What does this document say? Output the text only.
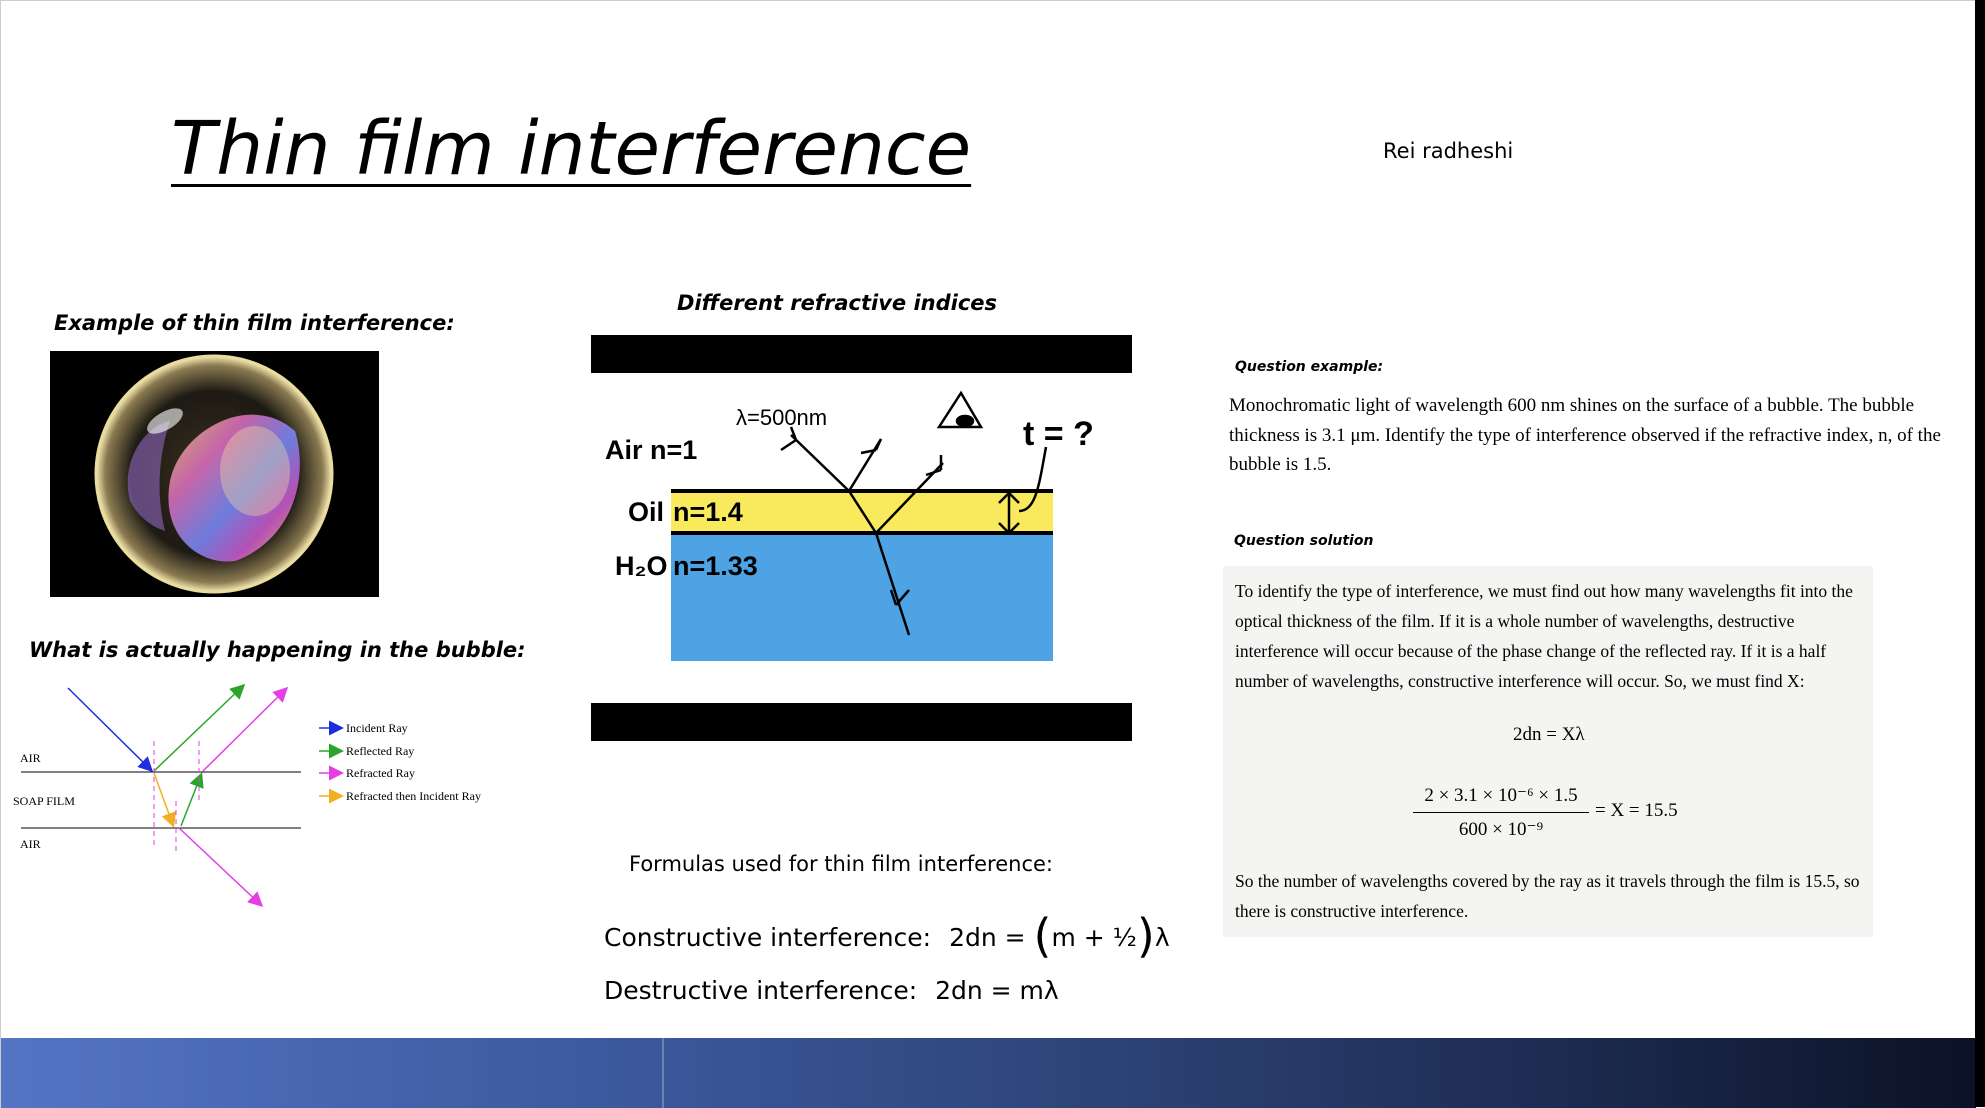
Thin film interference	Rei radheshi
Example of thin film interference:
What is actually happening in the bubble:
AIR
SOAP FILM
AIR
Incident Ray
Reflected Ray
Refracted Ray
Refracted then Incident Ray
Different refractive indices
λ=500nm
Air n=1
Oil n=1.4
H₂O n=1.33
t = ?
Formulas used for thin film interference:
Constructive interference: 2dn = (m + ½)λ
Destructive interference: 2dn = mλ
Question example:
Monochromatic light of wavelength 600 nm shines on the surface of a bubble. The bubble thickness is 3.1 μm. Identify the type of interference observed if the refractive index, n, of the bubble is 1.5.
Question solution
To identify the type of interference, we must find out how many wavelengths fit into the optical thickness of the film. If it is a whole number of wavelengths, destructive interference will occur because of the phase change of the reflected ray. If it is a half number of wavelengths, constructive interference will occur. So, we must find X:
2dn = Xλ
2 × 3.1 × 10⁻⁶ × 1.5
600 × 10⁻⁹
= X = 15.5
So the number of wavelengths covered by the ray as it travels through the film is 15.5, so there is constructive interference.
